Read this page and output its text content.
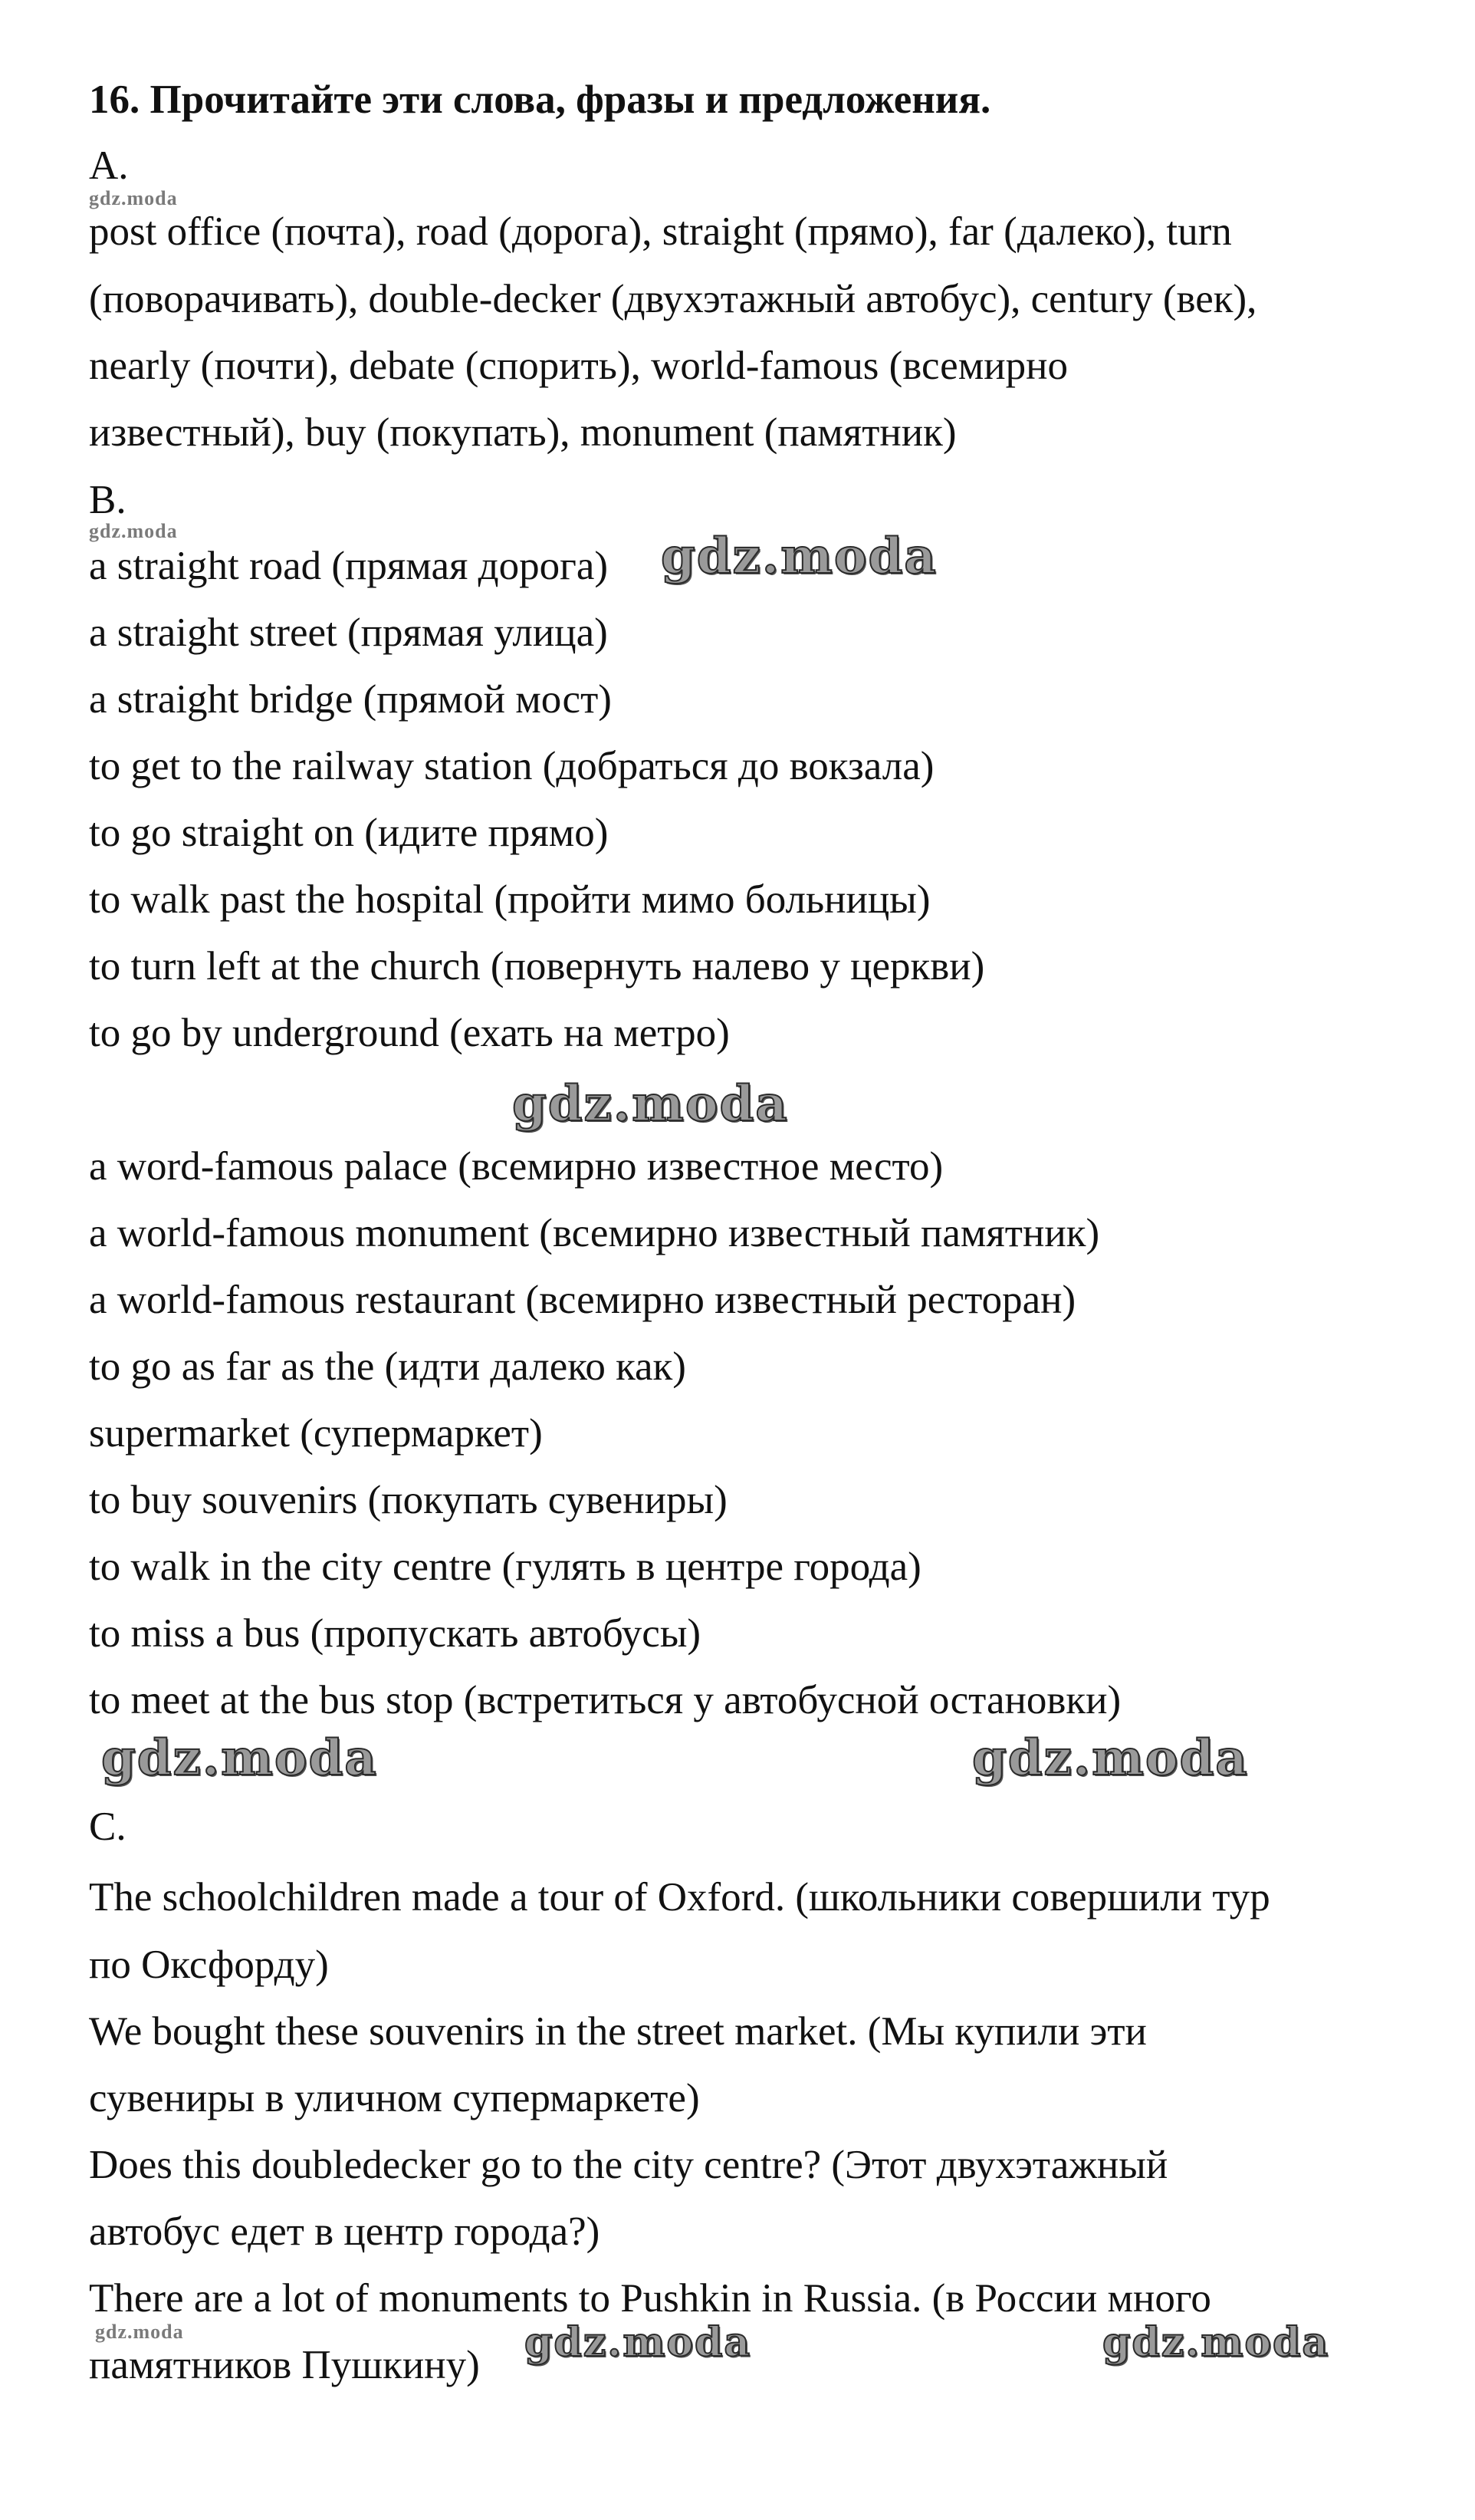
16. Прочитайте эти слова, фразы и предложения.
A.
gdz.moda
post office (почта), road (дорога), straight (прямо), far (далеко), turn
(поворачивать), double-decker (двухэтажный автобус), century (век),
nearly (почти), debate (спорить), world-famous (всемирно
известный), buy (покупать), monument (памятник)
B.
gdz.moda
a straight road (прямая дорога) gdz.moda
a straight street (прямая улица)
a straight bridge (прямой мост)
to get to the railway station (добраться до вокзала)
to go straight on (идите прямо)
to walk past the hospital (пройти мимо больницы)
to turn left at the church (повернуть налево у церкви)
to go by underground (ехать на метро)
gdz.moda
a word-famous palace (всемирно известное место)
a world-famous monument (всемирно известный памятник)
a world-famous restaurant (всемирно известный ресторан)
to go as far as the (идти далеко как)
supermarket (супермаркет)
to buy souvenirs (покупать сувениры)
to walk in the city centre (гулять в центре города)
to miss a bus (пропускать автобусы)
to meet at the bus stop (встретиться у автобусной остановки)
gdz.moda	gdz.moda
C.
The schoolchildren made a tour of Oxford. (школьники совершили тур
по Оксфорду)
We bought these souvenirs in the street market. (Мы купили эти
сувениры в уличном супермаркете)
Does this doubledecker go to the city centre? (Этот двухэтажный
автобус едет в центр города?)
There are a lot of monuments to Pushkin in Russia. (в России много
gdz.moda
памятников Пушкину) gdz.moda	gdz.moda
